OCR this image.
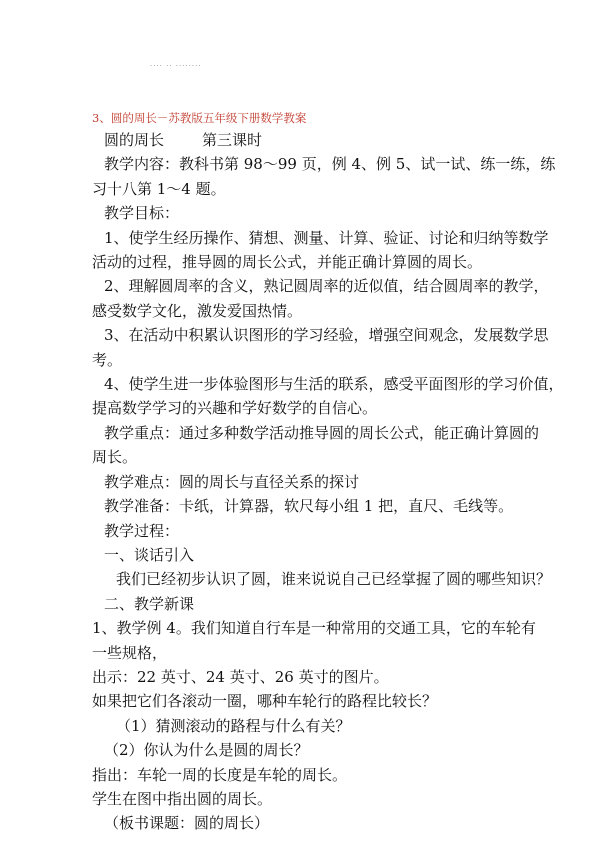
···· ·· ········
3、圆的周长－苏教版五年级下册数学教案
圆的周长	第三课时
教学内容：教科书第 98～99 页，例 4、例 5、试一试、练一练，练
习十八第 1～4 题。
教学目标：
1、使学生经历操作、猜想、测量、计算、验证、讨论和归纳等数学
活动的过程，推导圆的周长公式，并能正确计算圆的周长。
2、理解圆周率的含义，熟记圆周率的近似值，结合圆周率的教学，
感受数学文化，激发爱国热情。
3、在活动中积累认识图形的学习经验，增强空间观念，发展数学思
考。
4、使学生进一步体验图形与生活的联系，感受平面图形的学习价值，
提高数学学习的兴趣和学好数学的自信心。
教学重点：通过多种数学活动推导圆的周长公式，能正确计算圆的
周长。
教学难点：圆的周长与直径关系的探讨
教学准备：卡纸，计算器，软尺每小组 1 把，直尺、毛线等。
教学过程：
一、谈话引入
我们已经初步认识了圆，谁来说说自己已经掌握了圆的哪些知识？
二、教学新课
1、教学例 4。我们知道自行车是一种常用的交通工具，它的车轮有
一些规格，
出示：22 英寸、24 英寸、26 英寸的图片。
如果把它们各滚动一圈，哪种车轮行的路程比较长？
（1）猜测滚动的路程与什么有关？
（2）你认为什么是圆的周长？
指出：车轮一周的长度是车轮的周长。
学生在图中指出圆的周长。
（板书课题：圆的周长）
